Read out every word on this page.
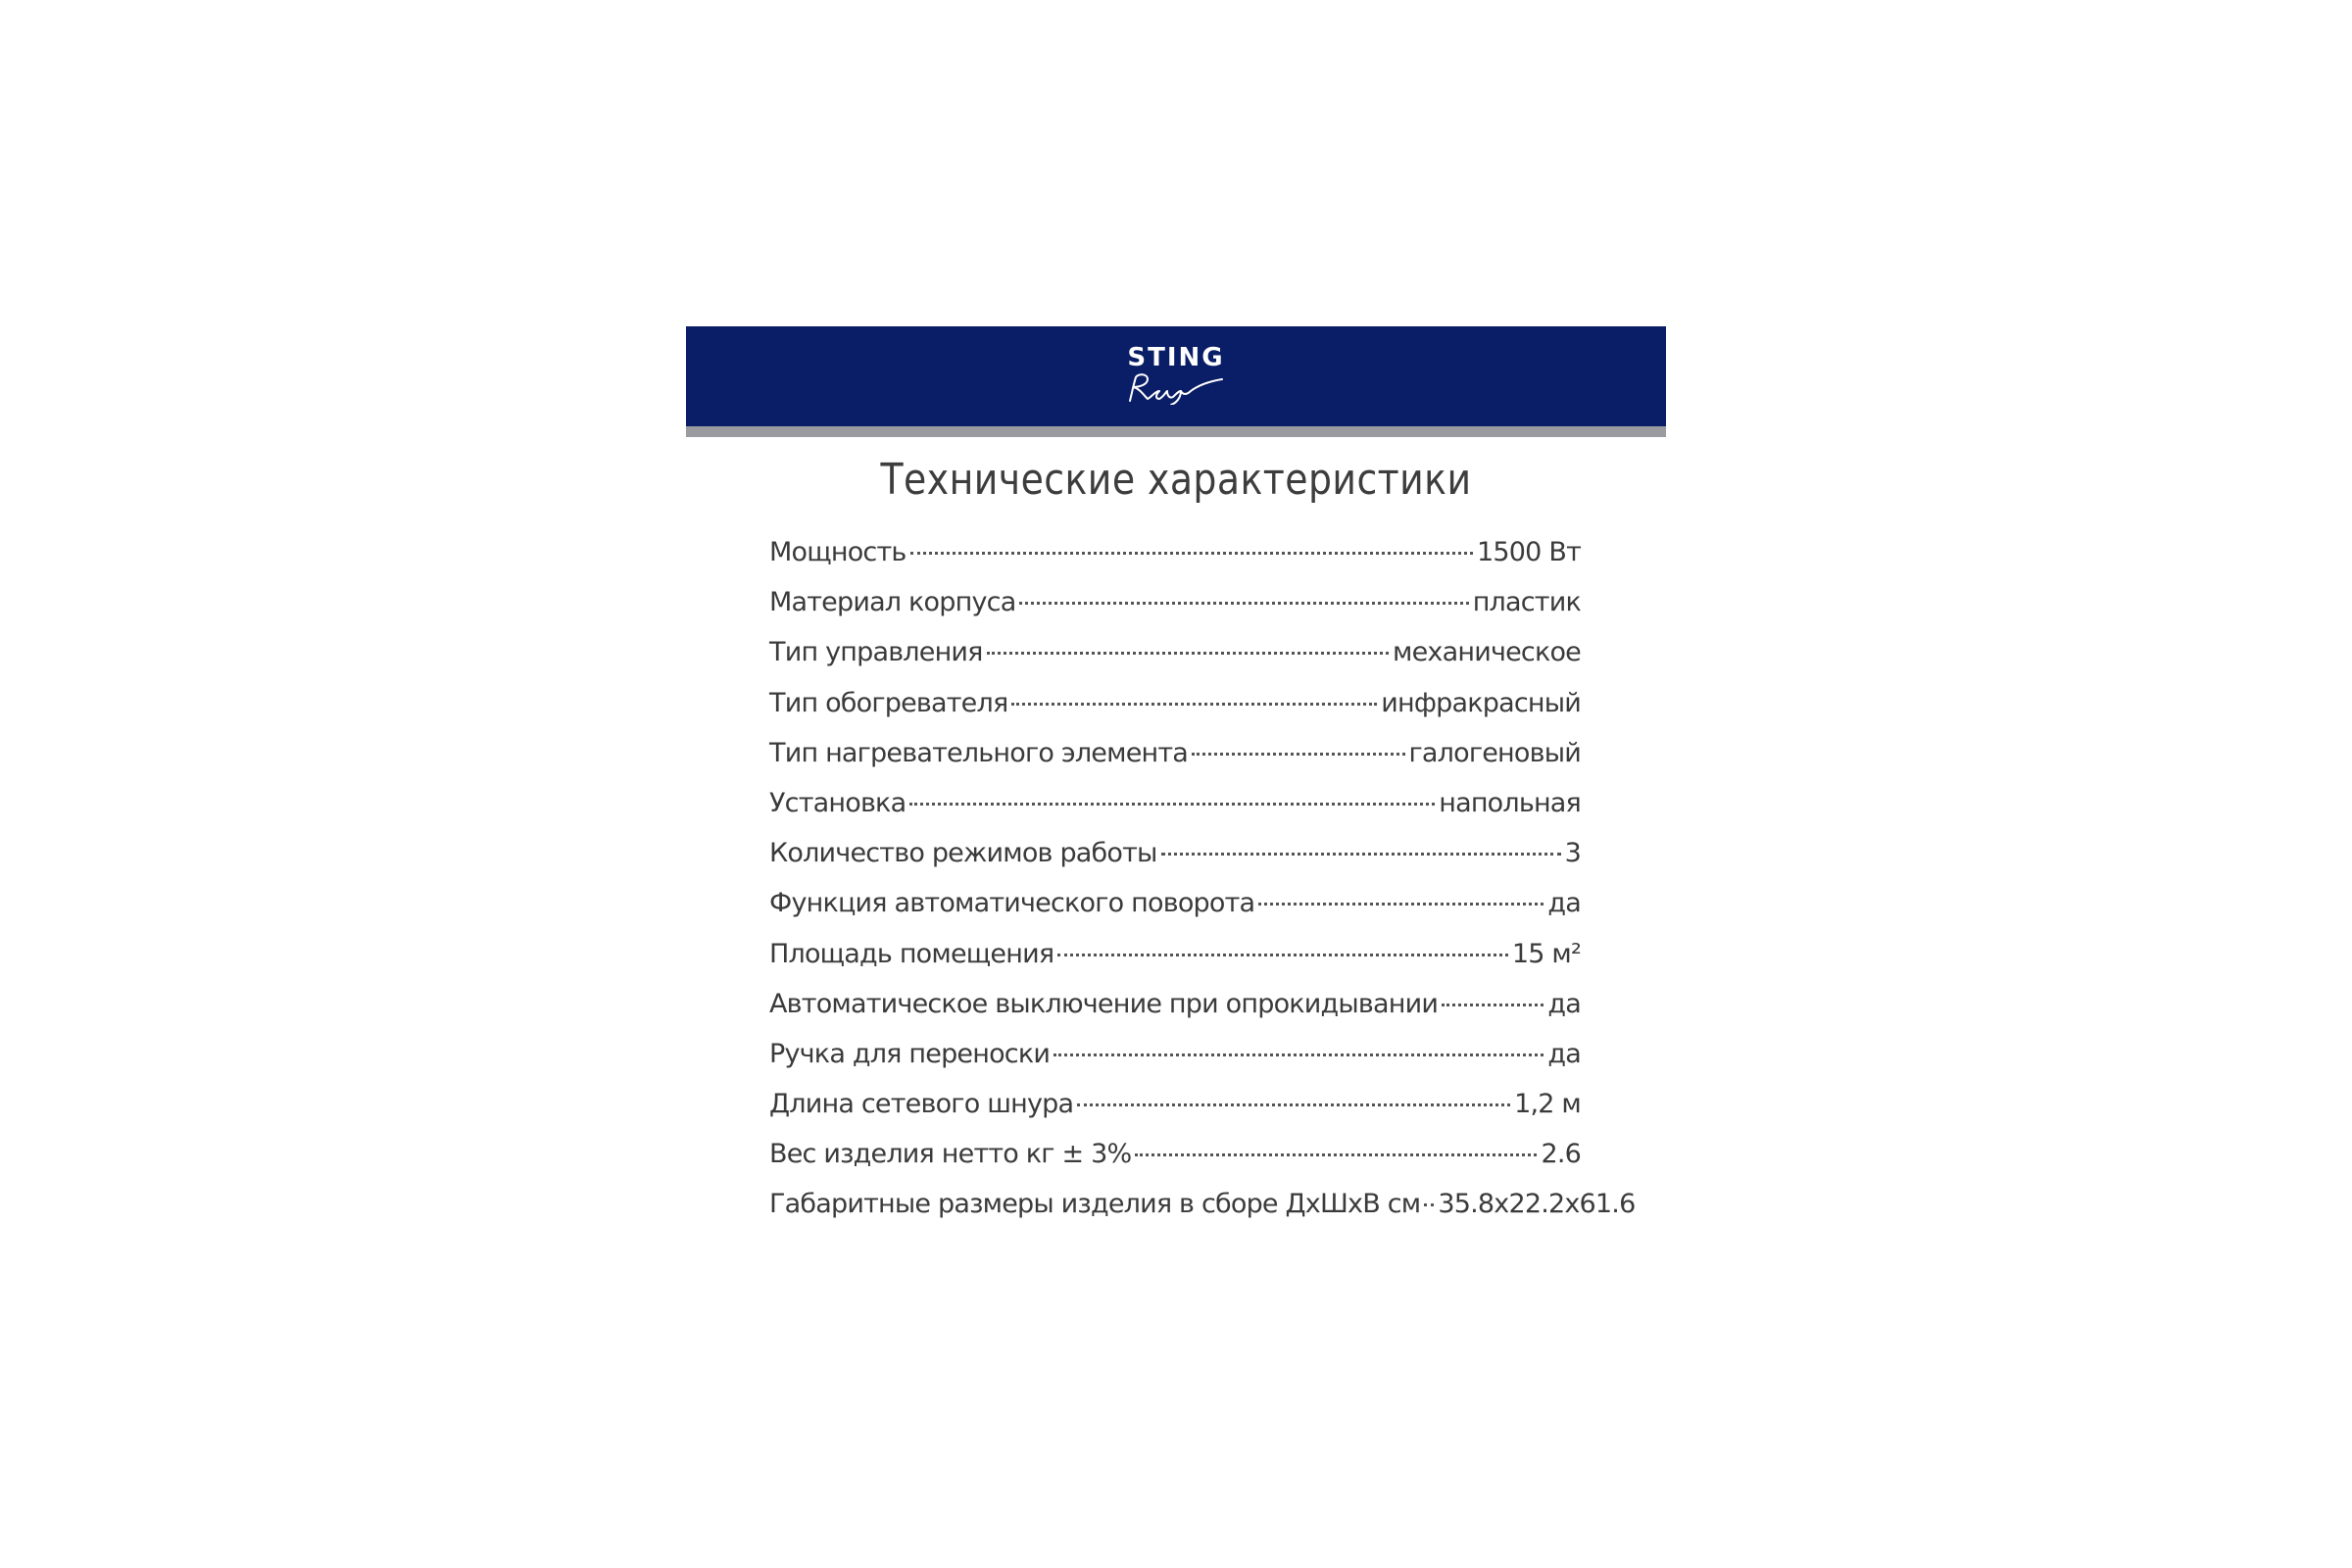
STING
Технические характеристики
Мощность	1500 Вт
Материал корпуса	пластик
Тип управления	механическое
Тип обогревателя	инфракрасный
Тип нагревательного элемента	галогеновый
Установка	напольная
Количество режимов работы	3
Функция автоматического поворота	да
Площадь помещения	15 м²
Автоматическое выключение при опрокидывании	да
Ручка для переноски	да
Длина сетевого шнура	1,2 м
Вес изделия нетто кг ± 3%	2.6
Габаритные размеры изделия в сборе ДхШхВ см 35.8x22.2x61.6
